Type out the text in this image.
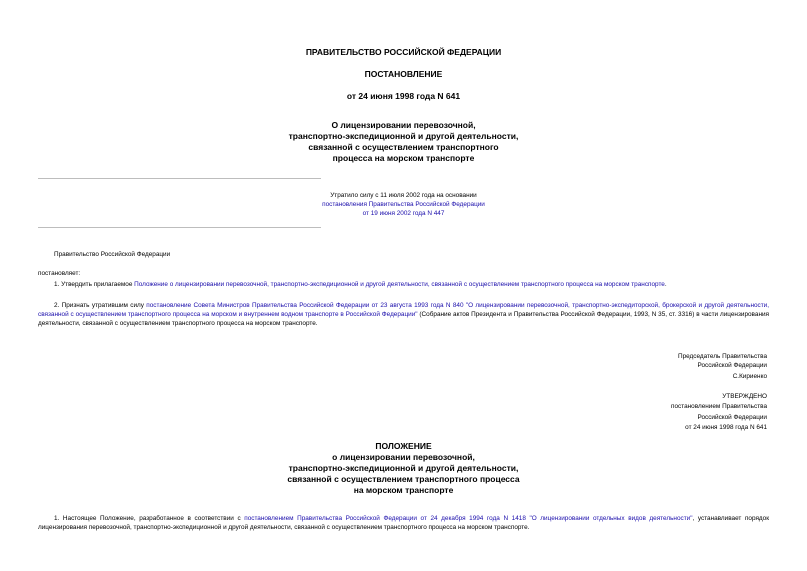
ПРАВИТЕЛЬСТВО РОССИЙСКОЙ ФЕДЕРАЦИИ
ПОСТАНОВЛЕНИЕ
от 24 июня 1998 года N 641
О лицензировании перевозочной,
транспортно-экспедиционной и другой деятельности,
связанной с осуществлением транспортного
процесса на морском транспорте
Утратило силу с 11 июля 2002 года на основании
постановления Правительства Российской Федерации
от 19 июня 2002 года N 447
Правительство Российской Федерации
постановляет:
1. Утвердить прилагаемое Положение о лицензировании перевозочной, транспортно-экспедиционной и другой деятельности, связанной с осуществлением транспортного процесса на морском транспорте.
2. Признать утратившим силу постановление Совета Министров Правительства Российской Федерации от 23 августа 1993 года N 840 "О лицензировании перевозочной, транспортно-экспедиторской, брокерской и другой деятельности, связанной с осуществлением транспортного процесса на морском и внутреннем водном транспорте в Российской Федерации" (Собрание актов Президента и Правительства Российской Федерации, 1993, N 35, ст. 3316) в части лицензирования деятельности, связанной с осуществлением транспортного процесса на морском транспорте.
Председатель Правительства
Российской Федерации
С.Кириенко
УТВЕРЖДЕНО
постановлением Правительства
Российской Федерации
от 24 июня 1998 года N 641
ПОЛОЖЕНИЕ
о лицензировании перевозочной,
транспортно-экспедиционной и другой деятельности,
связанной с осуществлением транспортного процесса
на морском транспорте
1. Настоящее Положение, разработанное в соответствии с постановлением Правительства Российской Федерации от 24 декабря 1994 года N 1418 "О лицензировании отдельных видов деятельности", устанавливает порядок лицензирования перевозочной, транспортно-экспедиционной и другой деятельности, связанной с осуществлением транспортного процесса на морском транспорте.
